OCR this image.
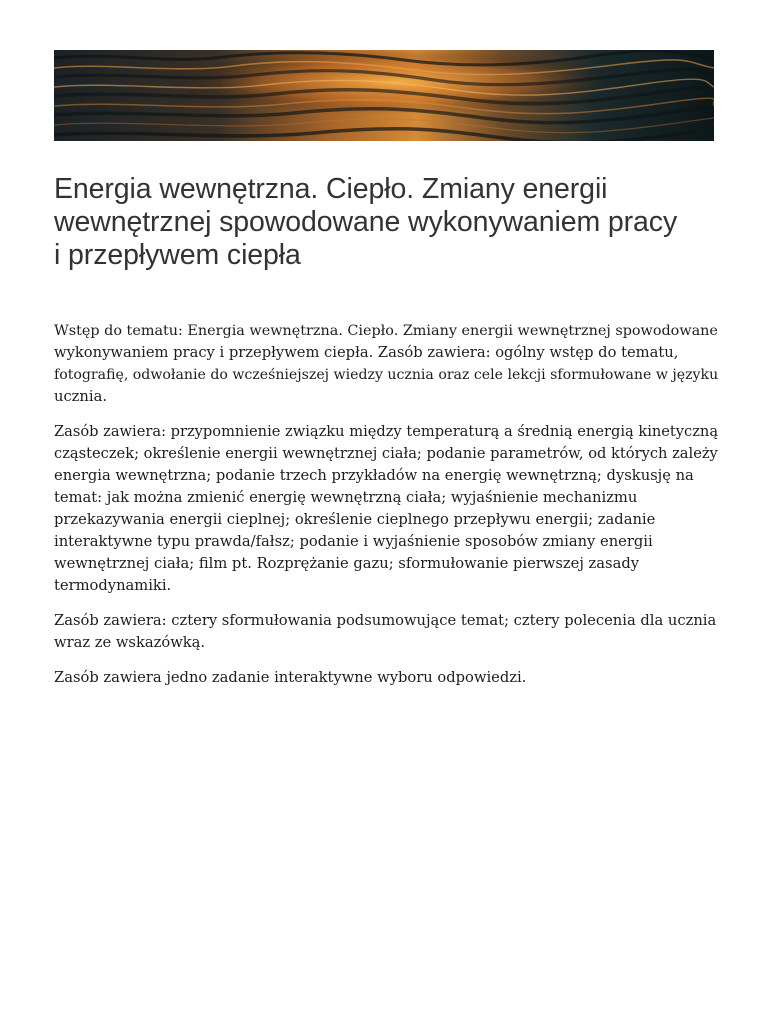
Energia wewnętrzna. Ciepło. Zmiany energii
wewnętrznej spowodowane wykonywaniem pracy
i przepływem ciepła

Wstęp do tematu: Energia wewnętrzna. Ciepło. Zmiany energii wewnętrznej spowodowane
wykonywaniem pracy i przepływem ciepła. Zasób zawiera: ogólny wstęp do tematu,
fotografię, odwołanie do wcześniejszej wiedzy ucznia oraz cele lekcji sformułowane w języku
ucznia.

Zasób zawiera: przypomnienie związku między temperaturą a średnią energią kinetyczną
cząsteczek; określenie energii wewnętrznej ciała; podanie parametrów, od których zależy
energia wewnętrzna; podanie trzech przykładów na energię wewnętrzną; dyskusję na
temat: jak można zmienić energię wewnętrzną ciała; wyjaśnienie mechanizmu
przekazywania energii cieplnej; określenie cieplnego przepływu energii; zadanie
interaktywne typu prawda/fałsz; podanie i wyjaśnienie sposobów zmiany energii
wewnętrznej ciała; film pt. Rozprężanie gazu; sformułowanie pierwszej zasady
termodynamiki.

Zasób zawiera: cztery sformułowania podsumowujące temat; cztery polecenia dla ucznia
wraz ze wskazówką.

Zasób zawiera jedno zadanie interaktywne wyboru odpowiedzi.
